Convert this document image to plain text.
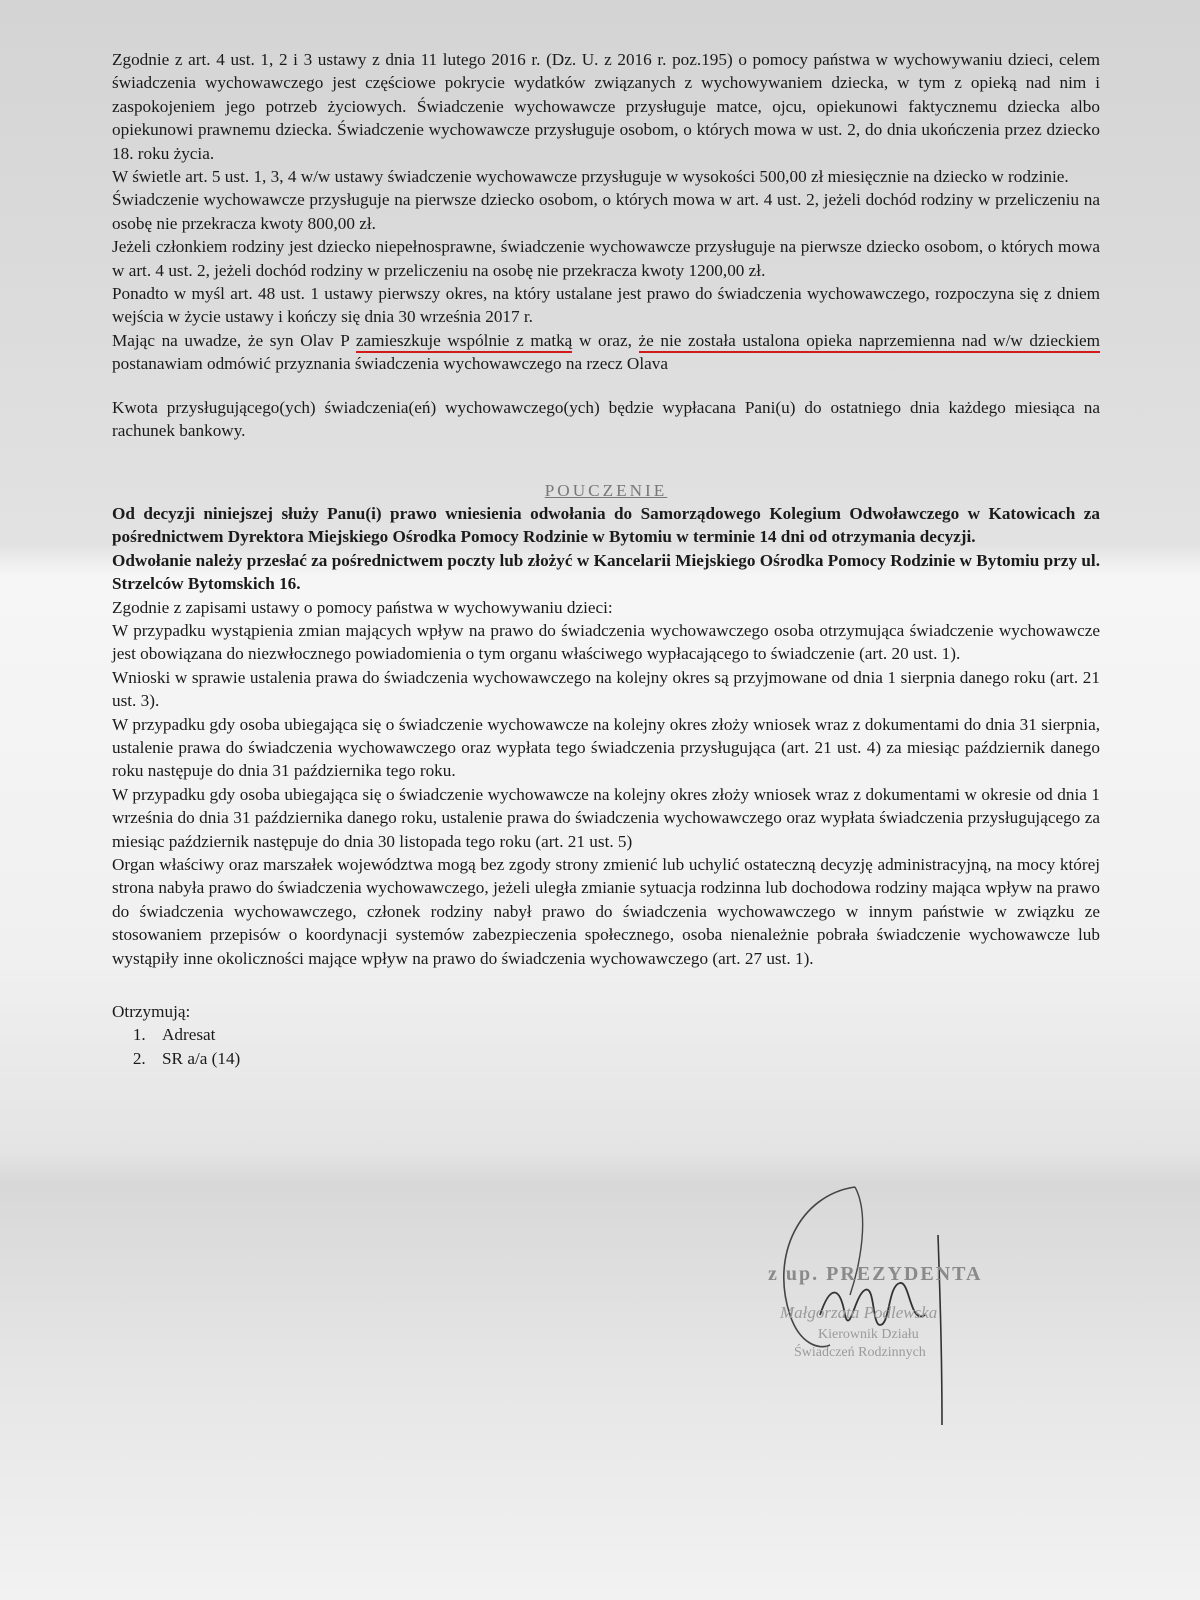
Zgodnie z art. 4 ust. 1, 2 i 3 ustawy z dnia 11 lutego 2016 r. (Dz. U. z 2016 r. poz.195) o pomocy państwa w wychowywaniu dzieci, celem świadczenia wychowawczego jest częściowe pokrycie wydatków związanych z wychowywaniem dziecka, w tym z opieką nad nim i zaspokojeniem jego potrzeb życiowych. Świadczenie wychowawcze przysługuje matce, ojcu, opiekunowi faktycznemu dziecka albo opiekunowi prawnemu dziecka. Świadczenie wychowawcze przysługuje osobom, o których mowa w ust. 2, do dnia ukończenia przez dziecko 18. roku życia.

W świetle art. 5 ust. 1, 3, 4 w/w ustawy świadczenie wychowawcze przysługuje w wysokości 500,00 zł miesięcznie na dziecko w rodzinie.

Świadczenie wychowawcze przysługuje na pierwsze dziecko osobom, o których mowa w art. 4 ust. 2, jeżeli dochód rodziny w przeliczeniu na osobę nie przekracza kwoty 800,00 zł.

Jeżeli członkiem rodziny jest dziecko niepełnosprawne, świadczenie wychowawcze przysługuje na pierwsze dziecko osobom, o których mowa w art. 4 ust. 2, jeżeli dochód rodziny w przeliczeniu na osobę nie przekracza kwoty 1200,00 zł.

Ponadto w myśl art. 48 ust. 1 ustawy pierwszy okres, na który ustalane jest prawo do świadczenia wychowawczego, rozpoczyna się z dniem wejścia w życie ustawy i kończy się dnia 30 września 2017 r.

Mając na uwadze, że syn Olav P zamieszkuje wspólnie z matką w oraz, że nie została ustalona opieka naprzemienna nad w/w dzieckiem postanawiam odmówić przyznania świadczenia wychowawczego na rzecz Olava

Kwota przysługującego(ych) świadczenia(eń) wychowawczego(ych) będzie wypłacana Pani(u) do ostatniego dnia każdego miesiąca na rachunek bankowy.

POUCZENIE

Od decyzji niniejszej służy Panu(i) prawo wniesienia odwołania do Samorządowego Kolegium Odwoławczego w Katowicach za pośrednictwem Dyrektora Miejskiego Ośrodka Pomocy Rodzinie w Bytomiu w terminie 14 dni od otrzymania decyzji.

Odwołanie należy przesłać za pośrednictwem poczty lub złożyć w Kancelarii Miejskiego Ośrodka Pomocy Rodzinie w Bytomiu przy ul. Strzelców Bytomskich 16.

Zgodnie z zapisami ustawy o pomocy państwa w wychowywaniu dzieci:

W przypadku wystąpienia zmian mających wpływ na prawo do świadczenia wychowawczego osoba otrzymująca świadczenie wychowawcze jest obowiązana do niezwłocznego powiadomienia o tym organu właściwego wypłacającego to świadczenie (art. 20 ust. 1).

Wnioski w sprawie ustalenia prawa do świadczenia wychowawczego na kolejny okres są przyjmowane od dnia 1 sierpnia danego roku (art. 21 ust. 3).

W przypadku gdy osoba ubiegająca się o świadczenie wychowawcze na kolejny okres złoży wniosek wraz z dokumentami do dnia 31 sierpnia, ustalenie prawa do świadczenia wychowawczego oraz wypłata tego świadczenia przysługująca (art. 21 ust. 4) za miesiąc październik danego roku następuje do dnia 31 października tego roku.

W przypadku gdy osoba ubiegająca się o świadczenie wychowawcze na kolejny okres złoży wniosek wraz z dokumentami w okresie od dnia 1 września do dnia 31 października danego roku, ustalenie prawa do świadczenia wychowawczego oraz wypłata świadczenia przysługującego za miesiąc październik następuje do dnia 30 listopada tego roku (art. 21 ust. 5)

Organ właściwy oraz marszałek województwa mogą bez zgody strony zmienić lub uchylić ostateczną decyzję administracyjną, na mocy której strona nabyła prawo do świadczenia wychowawczego, jeżeli uległa zmianie sytuacja rodzinna lub dochodowa rodziny mająca wpływ na prawo do świadczenia wychowawczego, członek rodziny nabył prawo do świadczenia wychowawczego w innym państwie w związku ze stosowaniem przepisów o koordynacji systemów zabezpieczenia społecznego, osoba nienależnie pobrała świadczenie wychowawcze lub wystąpiły inne okoliczności mające wpływ na prawo do świadczenia wychowawczego (art. 27 ust. 1).

Otrzymują:
1. Adresat
2. SR a/a (14)
z up. PREZYDENTA
Małgorzata Podlewska
Kierownik Działu
Świadczeń Rodzinnych
